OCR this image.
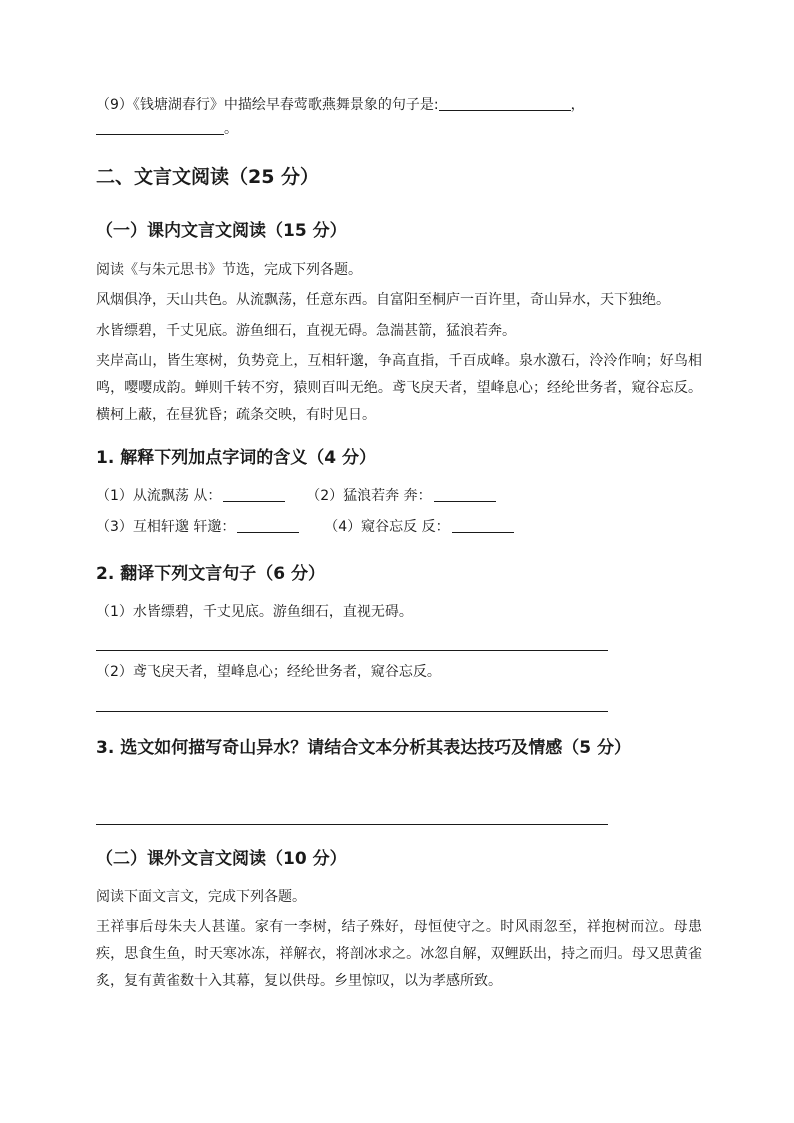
（9）《钱塘湖春行》中描绘早春莺歌燕舞景象的句子是:	，
。
二、文言文阅读（25 分）
（一）课内文言文阅读（15 分）
阅读《与朱元思书》节选，完成下列各题。
风烟俱净，天山共色。从流飘荡，任意东西。自富阳至桐庐一百许里，奇山异水，天下独绝。
水皆缥碧，千丈见底。游鱼细石，直视无碍。急湍甚箭，猛浪若奔。
夹岸高山，皆生寒树，负势竞上，互相轩邈，争高直指，千百成峰。泉水激石，泠泠作响；好鸟相鸣，嘤嘤成韵。蝉则千转不穷，猿则百叫无绝。鸢飞戾天者，望峰息心；经纶世务者，窥谷忘反。横柯上蔽，在昼犹昏；疏条交映，有时见日。
1. 解释下列加点字词的含义（4 分）
（1）从流飘荡 从：	（2）猛浪若奔 奔：
（3）互相轩邈 轩邈：	（4）窥谷忘反 反：
2. 翻译下列文言句子（6 分）
（1）水皆缥碧，千丈见底。游鱼细石，直视无碍。
（2）鸢飞戾天者，望峰息心；经纶世务者，窥谷忘反。
3. 选文如何描写奇山异水？请结合文本分析其表达技巧及情感（5 分）
（二）课外文言文阅读（10 分）
阅读下面文言文，完成下列各题。
王祥事后母朱夫人甚谨。家有一李树，结子殊好，母恒使守之。时风雨忽至，祥抱树而泣。母患疾，思食生鱼，时天寒冰冻，祥解衣，将剖冰求之。冰忽自解，双鲤跃出，持之而归。母又思黄雀炙，复有黄雀数十入其幕，复以供母。乡里惊叹，以为孝感所致。
